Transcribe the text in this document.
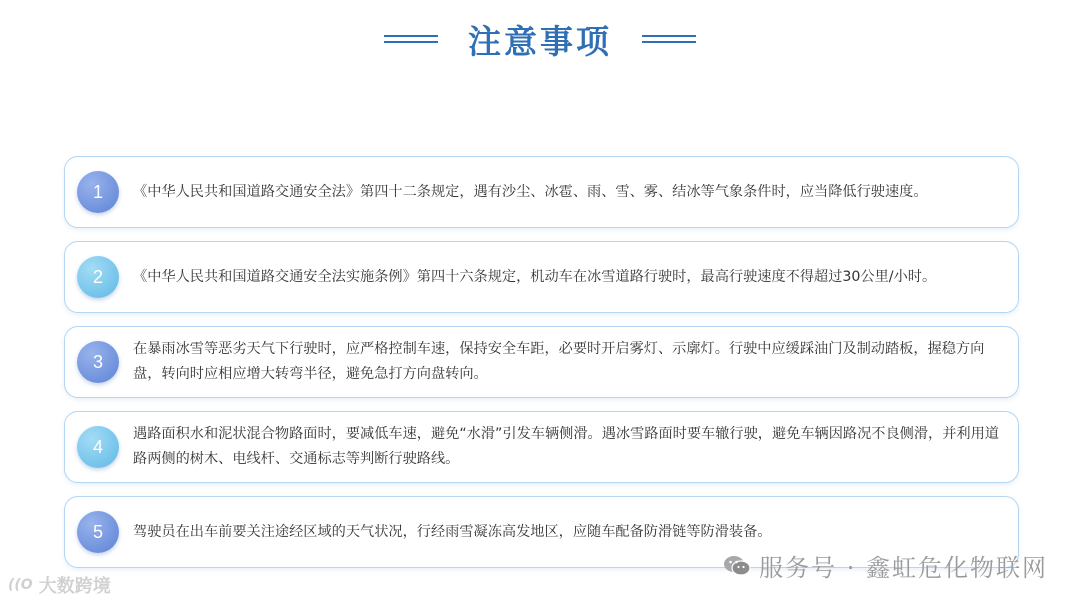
注意事项
1	《中华人民共和国道路交通安全法》第四十二条规定，遇有沙尘、冰雹、雨、雪、雾、结冰等气象条件时，应当降低行驶速度。
2	《中华人民共和国道路交通安全法实施条例》第四十六条规定，机动车在冰雪道路行驶时，最高行驶速度不得超过30公里/小时。
3
在暴雨冰雪等恶劣天气下行驶时，应严格控制车速，保持安全车距，必要时开启雾灯、示廓灯。行驶中应缓踩油门及制动踏板，握稳方向盘，转向时应相应增大转弯半径，避免急打方向盘转向。
4
遇路面积水和泥状混合物路面时，要减低车速，避免“水滑”引发车辆侧滑。遇冰雪路面时要车辙行驶，避免车辆因路况不良侧滑，并利用道路两侧的树木、电线杆、交通标志等判断行驶路线。
5	驾驶员在出车前要关注途经区域的天气状况，行经雨雪凝冻高发地区，应随车配备防滑链等防滑装备。
((O 大数跨境
服务号 · 鑫虹危化物联网
